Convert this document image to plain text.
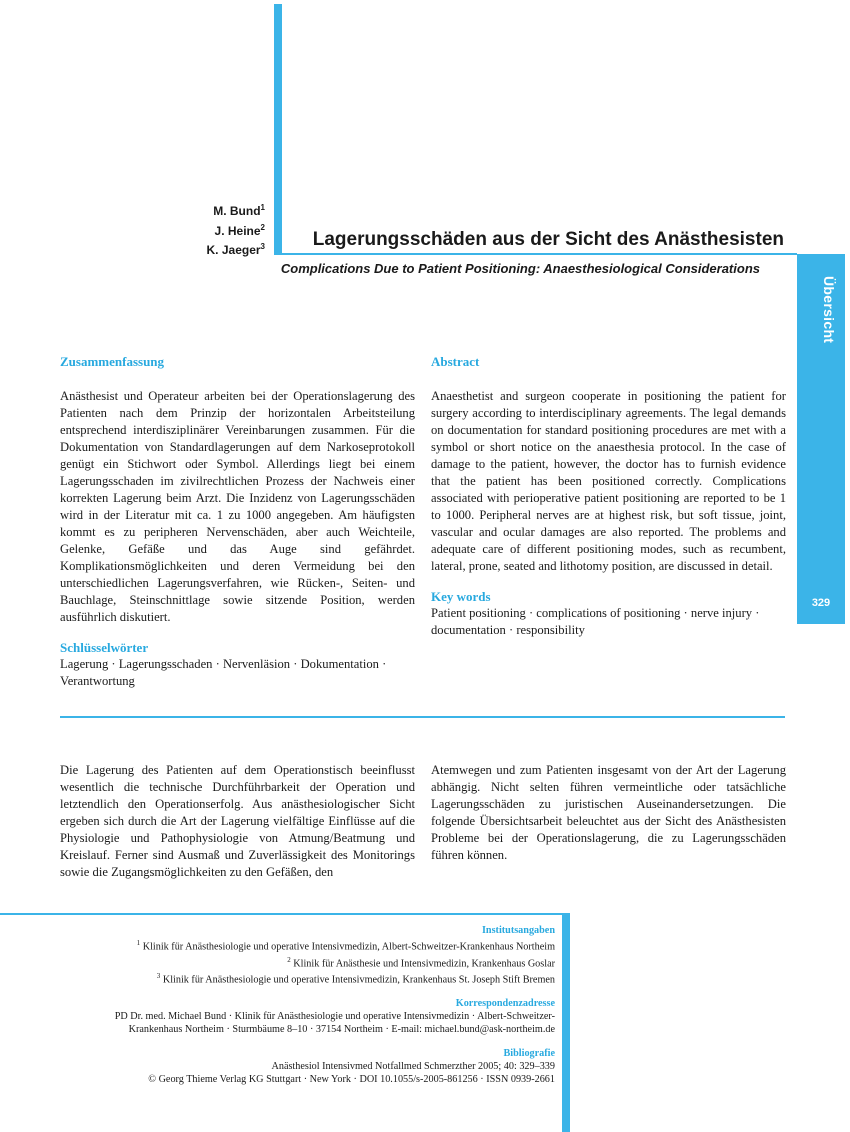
M. Bund$^1$
J. Heine$^2$
K. Jaeger$^3$	Lagerungsschäden aus der Sicht des Anästhesisten
Complications Due to Patient Positioning: Anaesthesiological Considerations
Übersicht
329
Zusammenfassung
Anästhesist und Operateur arbeiten bei der Operationslagerung des Patienten nach dem Prinzip der horizontalen Arbeitsteilung entsprechend interdisziplinärer Vereinbarungen zusammen. Für die Dokumentation von Standardlagerungen auf dem Narkoseprotokoll genügt ein Stichwort oder Symbol. Allerdings liegt bei einem Lagerungsschaden im zivilrechtlichen Prozess der Nachweis einer korrekten Lagerung beim Arzt. Die Inzidenz von Lagerungsschäden wird in der Literatur mit ca. 1 zu 1000 angegeben. Am häufigsten kommt es zu peripheren Nervenschäden, aber auch Weichteile, Gelenke, Gefäße und das Auge sind gefährdet. Komplikationsmöglichkeiten und deren Vermeidung bei den unterschiedlichen Lagerungsverfahren, wie Rücken-, Seiten- und Bauchlage, Steinschnittlage sowie sitzende Position, werden ausführlich diskutiert.
Schlüsselwörter
Lagerung · Lagerungsschaden · Nervenläsion · Dokumentation · Verantwortung
Abstract
Anaesthetist and surgeon cooperate in positioning the patient for surgery according to interdisciplinary agreements. The legal demands on documentation for standard positioning procedures are met with a symbol or short notice on the anaesthesia protocol. In the case of damage to the patient, however, the doctor has to furnish evidence that the patient has been positioned correctly. Complications associated with perioperative patient positioning are reported to be 1 to 1000. Peripheral nerves are at highest risk, but soft tissue, joint, vascular and ocular damages are also reported. The problems and adequate care of different positioning modes, such as recumbent, lateral, prone, seated and lithotomy position, are discussed in detail.
Key words
Patient positioning · complications of positioning · nerve injury · documentation · responsibility
Die Lagerung des Patienten auf dem Operationstisch beeinflusst wesentlich die technische Durchführbarkeit der Operation und letztendlich den Operationserfolg. Aus anästhesiologischer Sicht ergeben sich durch die Art der Lagerung vielfältige Einflüsse auf die Physiologie und Pathophysiologie von Atmung/Beatmung und Kreislauf. Ferner sind Ausmaß und Zuverlässigkeit des Monitorings sowie die Zugangsmöglichkeiten zu den Gefäßen, den
Atemwegen und zum Patienten insgesamt von der Art der Lagerung abhängig. Nicht selten führen vermeintliche oder tatsächliche Lagerungsschäden zu juristischen Auseinandersetzungen. Die folgende Übersichtsarbeit beleuchtet aus der Sicht des Anästhesisten Probleme bei der Operationslagerung, die zu Lagerungsschäden führen können.
Institutsangaben
$^1$ Klinik für Anästhesiologie und operative Intensivmedizin, Albert-Schweitzer-Krankenhaus Northeim
$^2$ Klinik für Anästhesie und Intensivmedizin, Krankenhaus Goslar
$^3$ Klinik für Anästhesiologie und operative Intensivmedizin, Krankenhaus St. Joseph Stift Bremen
Korrespondenzadresse
PD Dr. med. Michael Bund · Klinik für Anästhesiologie und operative Intensivmedizin · Albert-Schweitzer-
Krankenhaus Northeim · Sturmbäume 8–10 · 37154 Northeim · E-mail: michael.bund@ask-northeim.de
Bibliografie
Anästhesiol Intensivmed Notfallmed Schmerzther 2005; 40: 329–339
© Georg Thieme Verlag KG Stuttgart · New York · DOI 10.1055/s-2005-861256 · ISSN 0939-2661
